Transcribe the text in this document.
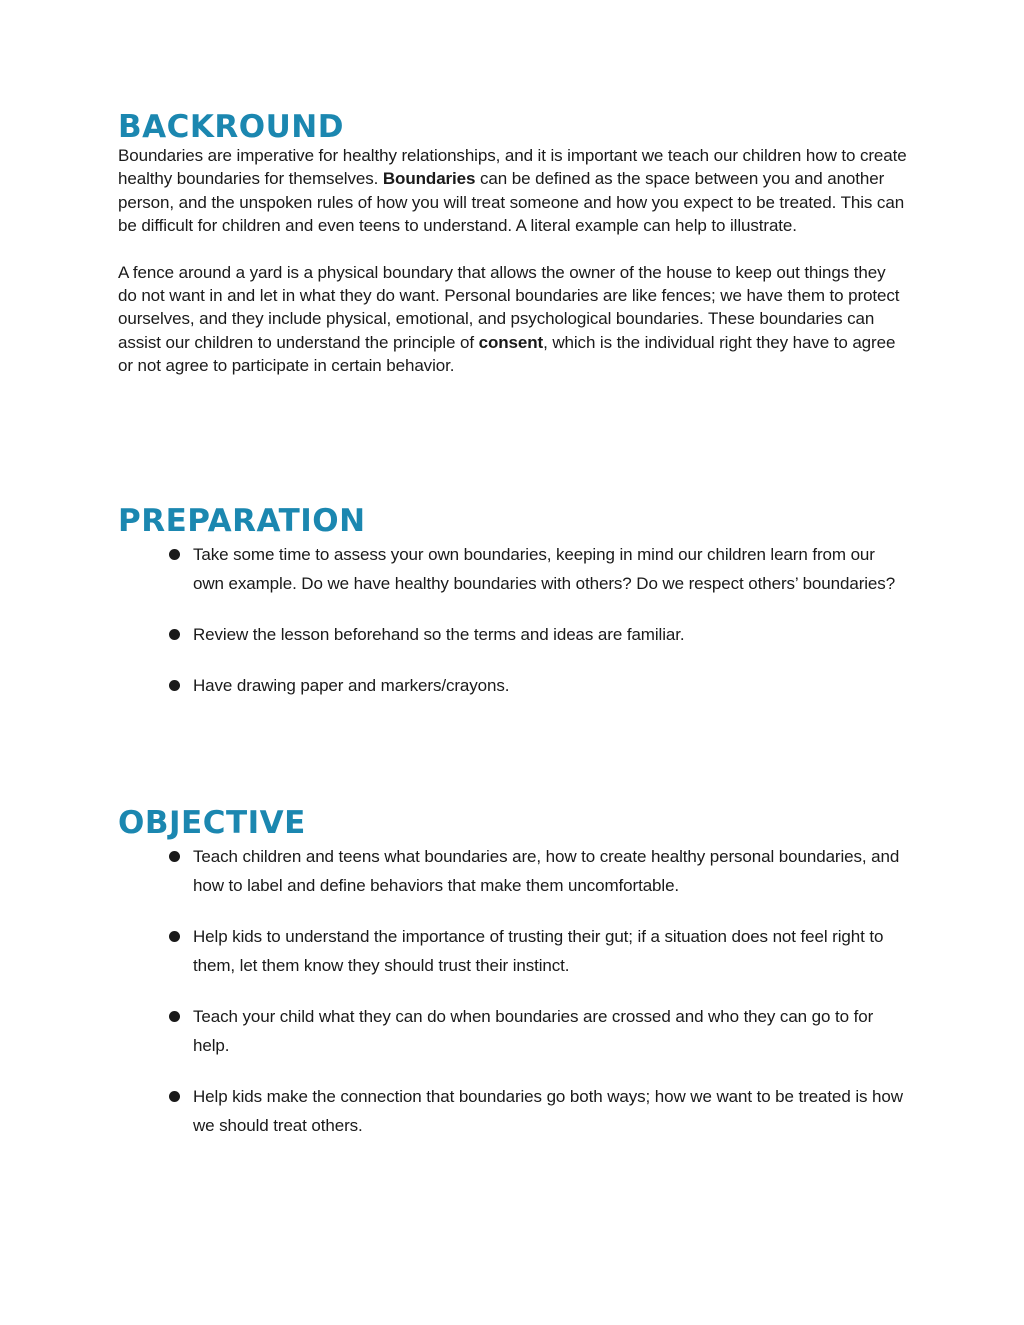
BACKROUND

Boundaries are imperative for healthy relationships, and it is important we teach our children how to create healthy boundaries for themselves. Boundaries can be defined as the space between you and another person, and the unspoken rules of how you will treat someone and how you expect to be treated. This can be difficult for children and even teens to understand. A literal example can help to illustrate.

A fence around a yard is a physical boundary that allows the owner of the house to keep out things they do not want in and let in what they do want. Personal boundaries are like fences; we have them to protect ourselves, and they include physical, emotional, and psychological boundaries. These boundaries can assist our children to understand the principle of consent, which is the individual right they have to agree or not agree to participate in certain behavior.

PREPARATION
Take some time to assess your own boundaries, keeping in mind our children learn from our own example. Do we have healthy boundaries with others? Do we respect others’ boundaries?
Review the lesson beforehand so the terms and ideas are familiar.
Have drawing paper and markers/crayons.
OBJECTIVE
Teach children and teens what boundaries are, how to create healthy personal boundaries, and how to label and define behaviors that make them uncomfortable.
Help kids to understand the importance of trusting their gut; if a situation does not feel right to them, let them know they should trust their instinct.
Teach your child what they can do when boundaries are crossed and who they can go to for help.
Help kids make the connection that boundaries go both ways; how we want to be treated is how we should treat others.
